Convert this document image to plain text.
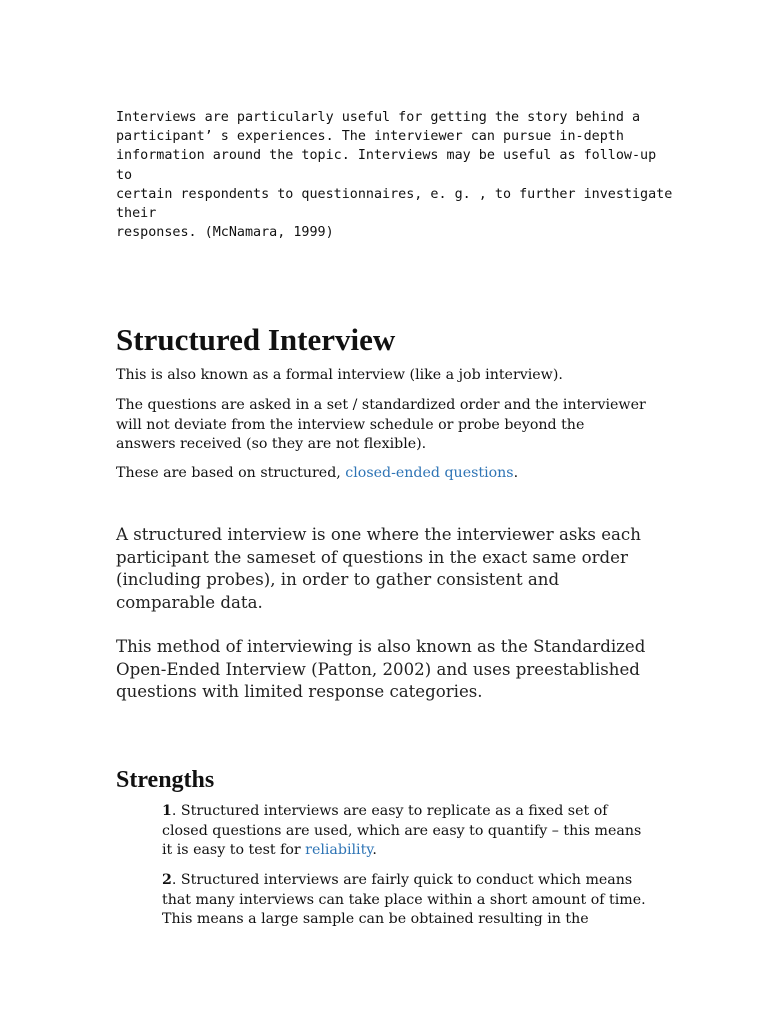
Interviews are particularly useful for getting the story behind a
participant’ s experiences. The interviewer can pursue in-depth
information around the topic. Interviews may be useful as follow-up to
certain respondents to questionnaires, e. g. , to further investigate their
responses. (McNamara, 1999)

Structured Interview

This is also known as a formal interview (like a job interview).

The questions are asked in a set / standardized order and the interviewer
will not deviate from the interview schedule or probe beyond the
answers received (so they are not flexible).

These are based on structured, closed-ended questions.

A structured interview is one where the interviewer asks each
participant the sameset of questions in the exact same order
(including probes), in order to gather consistent and
comparable data.

This method of interviewing is also known as the Standardized
Open-Ended Interview (Patton, 2002) and uses preestablished
questions with limited response categories.

Strengths

1. Structured interviews are easy to replicate as a fixed set of
closed questions are used, which are easy to quantify – this means
it is easy to test for reliability.

2. Structured interviews are fairly quick to conduct which means
that many interviews can take place within a short amount of time.
This means a large sample can be obtained resulting in the
